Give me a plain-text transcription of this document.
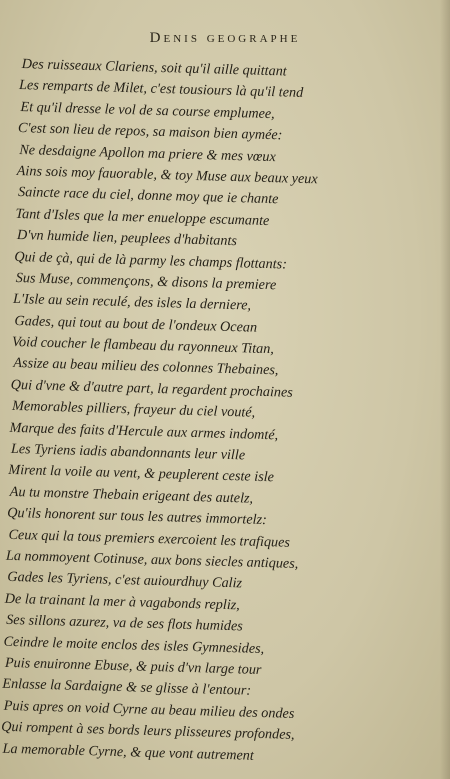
Denis geographe
Des ruisseaux Clariens, soit qu'il aille quittant
Les remparts de Milet, c'est tousiours là qu'il tend
Et qu'il dresse le vol de sa course emplumee,
C'est son lieu de repos, sa maison bien aymée:
Ne desdaigne Apollon ma priere & mes vœux
Ains sois moy fauorable, & toy Muse aux beaux yeux
Saincte race du ciel, donne moy que ie chante
Tant d'Isles que la mer enueloppe escumante
D'vn humide lien, peuplees d'habitants
Qui de çà, qui de là parmy les champs flottants:
Sus Muse, commençons, & disons la premiere
L'Isle au sein reculé, des isles la derniere,
Gades, qui tout au bout de l'ondeux Ocean
Void coucher le flambeau du rayonneux Titan,
Assize au beau milieu des colonnes Thebaines,
Qui d'vne & d'autre part, la regardent prochaines
Memorables pilliers, frayeur du ciel vouté,
Marque des faits d'Hercule aux armes indomté,
Les Tyriens iadis abandonnants leur ville
Mirent la voile au vent, & peuplerent ceste isle
Au tu monstre Thebain erigeant des autelz,
Qu'ils honorent sur tous les autres immortelz:
Ceux qui la tous premiers exercoient les trafiques
La nommoyent Cotinuse, aux bons siecles antiques,
Gades les Tyriens, c'est auiourdhuy Caliz
De la trainant la mer à vagabonds repliz,
Ses sillons azurez, va de ses flots humides
Ceindre le moite enclos des isles Gymnesides,
Puis enuironne Ebuse, & puis d'vn large tour
Enlasse la Sardaigne & se glisse à l'entour:
Puis apres on void Cyrne au beau milieu des ondes
Qui rompent à ses bords leurs plisseures profondes,
La memorable Cyrne, & que vont autrement
